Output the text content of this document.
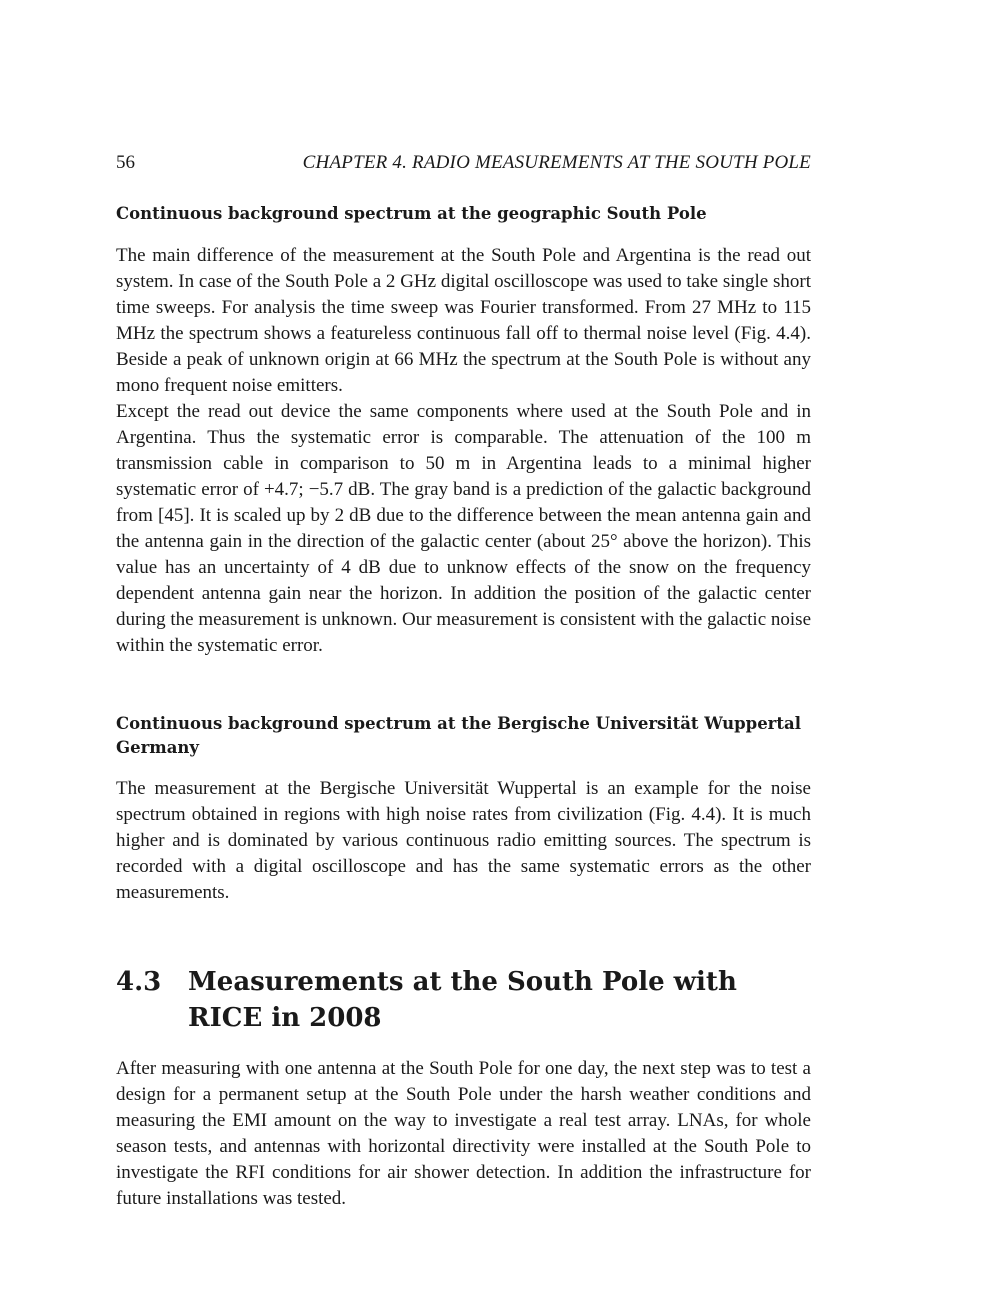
56	CHAPTER 4. RADIO MEASUREMENTS AT THE SOUTH POLE
Continuous background spectrum at the geographic South Pole

The main difference of the measurement at the South Pole and Argentina is the read out system. In case of the South Pole a 2 GHz digital oscilloscope was used to take single short time sweeps. For analysis the time sweep was Fourier transformed. From 27 MHz to 115 MHz the spectrum shows a featureless continuous fall off to thermal noise level (Fig. 4.4). Beside a peak of unknown origin at 66 MHz the spectrum at the South Pole is without any mono frequent noise emitters.

Except the read out device the same components where used at the South Pole and in Argentina. Thus the systematic error is comparable. The attenuation of the 100 m transmission cable in comparison to 50 m in Argentina leads to a minimal higher systematic error of +4.7; −5.7 dB. The gray band is a prediction of the galactic background from [45]. It is scaled up by 2 dB due to the difference between the mean antenna gain and the antenna gain in the direction of the galactic center (about 25° above the horizon). This value has an uncertainty of 4 dB due to unknow effects of the snow on the frequency dependent antenna gain near the horizon. In addition the position of the galactic center during the measurement is unknown. Our measurement is consistent with the galactic noise within the systematic error.

Continuous background spectrum at the Bergische Universität Wuppertal Germany

The measurement at the Bergische Universität Wuppertal is an example for the noise spectrum obtained in regions with high noise rates from civilization (Fig. 4.4). It is much higher and is dominated by various continuous radio emitting sources. The spectrum is recorded with a digital oscilloscope and has the same systematic errors as the other measurements.

4.3 Measurements at the South Pole with RICE in 2008

After measuring with one antenna at the South Pole for one day, the next step was to test a design for a permanent setup at the South Pole under the harsh weather conditions and measuring the EMI amount on the way to investigate a real test array. LNAs, for whole season tests, and antennas with horizontal directivity were installed at the South Pole to investigate the RFI conditions for air shower detection. In addition the infrastructure for future installations was tested.
